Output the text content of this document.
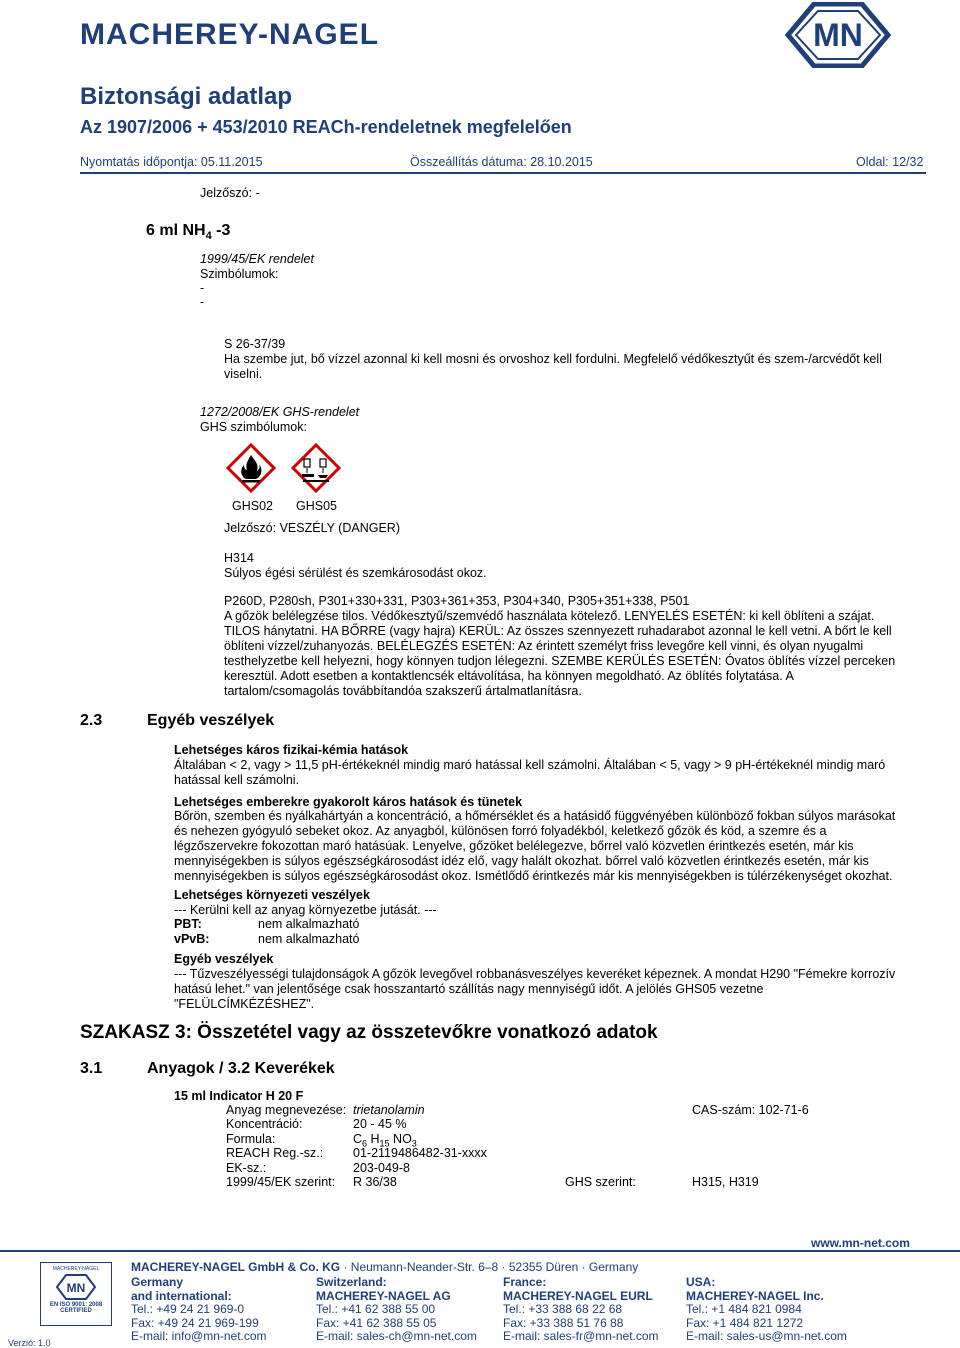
MACHEREY-NAGEL	MN
Biztonsági adatlap
Az 1907/2006 + 453/2010 REACh-rendeletnek megfelelően
Nyomtatás időpontja: 05.11.2015	Összeállítás dátuma: 28.10.2015	Oldal: 12/32
Jelzőszó: -
6 ml $NH_4$ -3
1999/45/EK rendelet
Szimbólumok:
-
-
S 26-37/39
Ha szembe jut, bő vízzel azonnal ki kell mosni és orvoshoz kell fordulni. Megfelelő védőkesztyűt és szem-/arcvédőt kell
viselni.
1272/2008/EK GHS-rendelet
GHS szimbólumok:
GHS02 GHS05
Jelzőszó: VESZÉLY (DANGER)
H314
Súlyos égési sérülést és szemkárosodást okoz.
P260D, P280sh, P301+330+331, P303+361+353, P304+340, P305+351+338, P501
A gőzök belélegzése tilos. Védőkesztyű/szemvédő használata kötelező. LENYELÉS ESETÉN: ki kell öblíteni a szájat.
TILOS hánytatni. HA BŐRRE (vagy hajra) KERÜL: Az összes szennyezett ruhadarabot azonnal le kell vetni. A bőrt le kell
öblíteni vízzel/zuhanyozás. BELÉLEGZÉS ESETÉN: Az érintett személyt friss levegőre kell vinni, és olyan nyugalmi
testhelyzetbe kell helyezni, hogy könnyen tudjon lélegezni. SZEMBE KERÜLÉS ESETÉN: Óvatos öblítés vízzel perceken
keresztül. Adott esetben a kontaktlencsék eltávolítása, ha könnyen megoldható. Az öblítés folytatása. A
tartalom/csomagolás továbbítandóa szakszerű ártalmatlanításra.
2.3	Egyéb veszélyek
Lehetséges káros fizikai-kémia hatások
Általában < 2, vagy > 11,5 pH-értékeknél mindig maró hatással kell számolni. Általában < 5, vagy > 9 pH-értékeknél mindig maró
hatással kell számolni.
Lehetséges emberekre gyakorolt káros hatások és tünetek
Bőrön, szemben és nyálkahártyán a koncentráció, a hőmérséklet és a hatásidő függvényében különböző fokban súlyos marásokat
és nehezen gyógyuló sebeket okoz. Az anyagból, különösen forró folyadékból, keletkező gőzök és köd, a szemre és a
légzőszervekre fokozottan maró hatásúak. Lenyelve, gőzöket belélegezve, bőrrel való közvetlen érintkezés esetén, már kis
mennyiségekben is súlyos egészségkárosodást idéz elő, vagy halált okozhat. bőrrel való közvetlen érintkezés esetén, már kis
mennyiségekben is súlyos egészségkárosodást okoz. Ismétlődő érintkezés már kis mennyiségekben is túlérzékenységet okozhat.
Lehetséges környezeti veszélyek
--- Kerülni kell az anyag környezetbe jutását. ---
PBT:	nem alkalmazható
vPvB:	nem alkalmazható
Egyéb veszélyek
--- Tűzveszélyességi tulajdonságok A gőzök levegővel robbanásveszélyes keveréket képeznek. A mondat H290 "Fémekre korrozív
hatású lehet." van jelentősége csak hosszantartó szállítás nagy mennyiségű időt. A jelölés GHS05 vezetne
"FELÜLCÍMKÉZÉSHEZ".
SZAKASZ 3: Összetétel vagy az összetevőkre vonatkozó adatok
3.1	Anyagok / 3.2 Keverékek
15 ml Indicator H 20 F
Anyag megnevezése: trietanolamin	CAS-szám: 102-71-6
Koncentráció:	20 - 45 %
Formula:	$C_6$ $H_{15}$ $NO_3$
REACH Reg.-sz.: 01-2119486482-31-xxxx
EK-sz.:	203-049-8
1999/45/EK szerint: R 36/38	GHS szerint:	H315, H319
MACHEREY-NAGEL
MN
EN ISO 9001: 2008
CERTIFIED
Verzió: 1.0
MACHEREY-NAGEL GmbH & Co. KG · Neumann-Neander-Str. 6–8 · 52355 Düren · Germany
www.mn-net.com
Germany
and international:
Tel.: +49 24 21 969-0
Fax: +49 24 21 969-199
E-mail: info@mn-net.com
Switzerland:
MACHEREY-NAGEL AG
Tel.: +41 62 388 55 00
Fax: +41 62 388 55 05
E-mail: sales-ch@mn-net.com
France:
MACHEREY-NAGEL EURL
Tel.: +33 388 68 22 68
Fax: +33 388 51 76 88
E-mail: sales-fr@mn-net.com
USA:
MACHEREY-NAGEL Inc.
Tel.: +1 484 821 0984
Fax: +1 484 821 1272
E-mail: sales-us@mn-net.com
